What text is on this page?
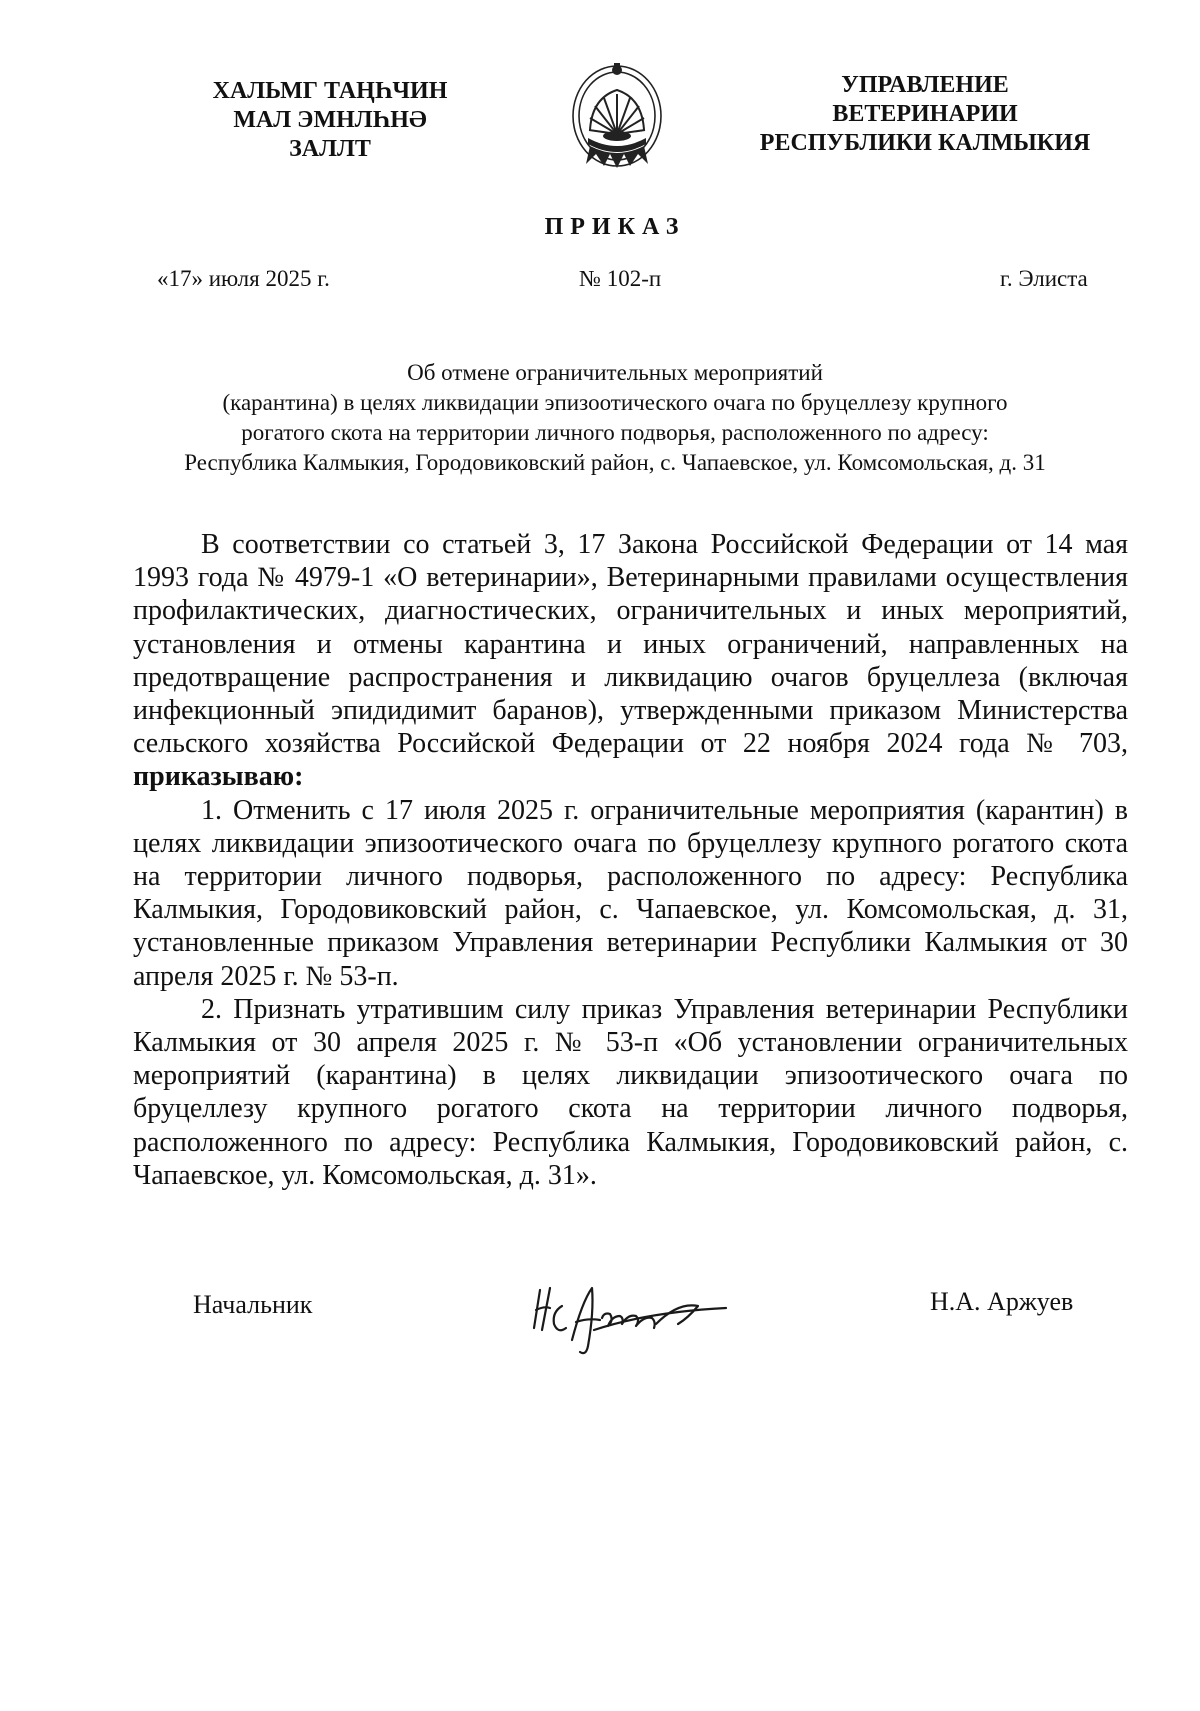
ХАЛЬМГ ТАҢҺЧИН
МАЛ ЭМНЛҺНӘ
ЗАЛЛТ
УПРАВЛЕНИЕ
ВЕТЕРИНАРИИ
РЕСПУБЛИКИ КАЛМЫКИЯ
ПРИКАЗ
«17» июля 2025 г.	№ 102-п	г. Элиста
Об отмене ограничительных мероприятий
(карантина) в целях ликвидации эпизоотического очага по бруцеллезу крупного
рогатого скота на территории личного подворья, расположенного по адресу:
Республика Калмыкия, Городовиковский район, с. Чапаевское, ул. Комсомольская, д. 31

В соответствии со статьей 3, 17 Закона Российской Федерации от 14 мая 1993 года № 4979-1 «О ветеринарии», Ветеринарными правилами осуществления профилактических, диагностических, ограничительных и иных мероприятий, установления и отмены карантина и иных ограничений, направленных на предотвращение распространения и ликвидацию очагов бруцеллеза (включая инфекционный эпидидимит баранов), утвержденными приказом Министерства сельского хозяйства Российской Федерации от 22 ноября 2024 года № 703, приказываю:

1. Отменить с 17 июля 2025 г. ограничительные мероприятия (карантин) в целях ликвидации эпизоотического очага по бруцеллезу крупного рогатого скота на территории личного подворья, расположенного по адресу: Республика Калмыкия, Городовиковский район, с. Чапаевское, ул. Комсомольская, д. 31, установленные приказом Управления ветеринарии Республики Калмыкия от 30 апреля 2025 г. № 53-п.

2. Признать утратившим силу приказ Управления ветеринарии Республики Калмыкия от 30 апреля 2025 г. № 53-п «Об установлении ограничительных мероприятий (карантина) в целях ликвидации эпизоотического очага по бруцеллезу крупного рогатого скота на территории личного подворья, расположенного по адресу: Республика Калмыкия, Городовиковский район, с. Чапаевское, ул. Комсомольская, д. 31».

Начальник	Н.А. Аржуев
